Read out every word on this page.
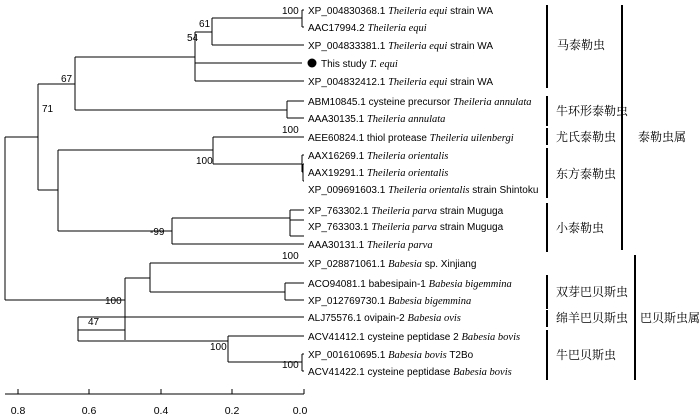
XP_004830368.1 Theileria equi strain WA
AAC17994.2 Theileria equi
XP_004833381.1 Theileria equi strain WA
This study T. equi
XP_004832412.1 Theileria equi strain WA
ABM10845.1 cysteine precursor Theileria annulata
AAA30135.1 Theileria annulata
AEE60824.1 thiol protease Theileria uilenbergi
AAX16269.1 Theileria orientalis
AAX19291.1 Theileria orientalis
XP_009691603.1 Theileria orientalis strain Shintoku
XP_763302.1 Theileria parva strain Muguga
XP_763303.1 Theileria parva strain Muguga
AAA30131.1 Theileria parva
XP_028871061.1 Babesia sp. Xinjiang
ACO94081.1 babesipain-1 Babesia bigemmina
XP_012769730.1 Babesia bigemmina
ALJ75576.1 ovipain-2 Babesia ovis
ACV41412.1 cysteine peptidase 2 Babesia bovis
XP_001610695.1 Babesia bovis T2Bo
ACV41422.1 cysteine peptidase Babesia bovis
100
61
54
67
71
100
100
-99
100
100
47
100
100
马泰勒虫
牛环形泰勒虫
尤氏泰勒虫
东方泰勒虫
小泰勒虫
双芽巴贝斯虫
绵羊巴贝斯虫
牛巴贝斯虫
泰勒虫属
巴贝斯虫属
0.8	0.6	0.4	0.2	0.0
